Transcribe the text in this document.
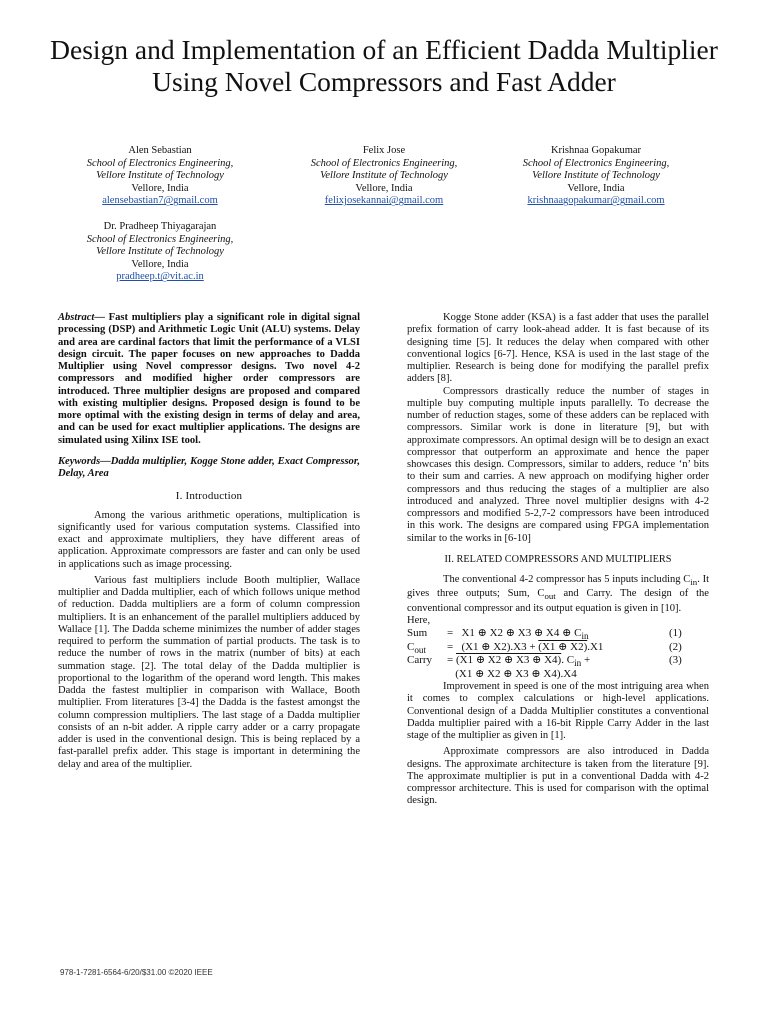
Design and Implementation of an Efficient Dadda Multiplier Using Novel Compressors and Fast Adder
Alen Sebastian
School of Electronics Engineering,
Vellore Institute of Technology
Vellore, India
alensebastian7@gmail.com
Felix Jose
School of Electronics Engineering,
Vellore Institute of Technology
Vellore, India
felixjosekannai@gmail.com
Krishnaa Gopakumar
School of Electronics Engineering,
Vellore Institute of Technology
Vellore, India
krishnaagopakumar@gmail.com
Dr. Pradheep Thiyagarajan
School of Electronics Engineering,
Vellore Institute of Technology
Vellore, India
pradheep.t@vit.ac.in

Abstract— Fast multipliers play a significant role in digital signal processing (DSP) and Arithmetic Logic Unit (ALU) systems. Delay and area are cardinal factors that limit the performance of a VLSI design circuit. The paper focuses on new approaches to Dadda Multiplier using Novel compressor designs. Two novel 4-2 compressors and modified higher order compressors are introduced. Three multiplier designs are proposed and compared with existing multiplier designs. Proposed design is found to be more optimal with the existing design in terms of delay and area, and can be used for exact multiplier applications. The designs are simulated using Xilinx ISE tool.

Keywords—Dadda multiplier, Kogge Stone adder, Exact Compressor, Delay, Area

I. Introduction

Among the various arithmetic operations, multiplication is significantly used for various computation systems. Classified into exact and approximate multipliers, they have different areas of application. Approximate compressors are faster and can only be used in applications such as image processing.

Various fast multipliers include Booth multiplier, Wallace multiplier and Dadda multiplier, each of which follows unique method of reduction. Dadda multipliers are a form of column compression multipliers. It is an enhancement of the parallel multipliers adduced by Wallace [1]. The Dadda scheme minimizes the number of adder stages required to perform the summation of partial products. The task is to reduce the number of rows in the matrix (number of bits) at each summation stage. [2]. The total delay of the Dadda multiplier is proportional to the logarithm of the operand word length. This makes Dadda the fastest multiplier in comparison with Wallace, Booth multiplier. From literatures [3-4] the Dadda is the fastest amongst the column compression multipliers. The last stage of a Dadda multiplier consists of an n-bit adder. A ripple carry adder or a carry propagate adder is used in the conventional design. This is being replaced by a fast-parallel prefix adder. This stage is important in determining the delay and area of the multiplier.

Kogge Stone adder (KSA) is a fast adder that uses the parallel prefix formation of carry look-ahead adder. It is fast because of its designing time [5]. It reduces the delay when compared with other conventional logics [6-7]. Hence, KSA is used in the last stage of the multiplier. Research is being done for modifying the parallel prefix adders [8].

Compressors drastically reduce the number of stages in multiple buy computing multiple inputs parallelly. To decrease the number of reduction stages, some of these adders can be replaced with compressors. Similar work is done in literature [9], but with approximate compressors. An optimal design will be to design an exact compressor that outperform an approximate and hence the paper showcases this design. Compressors, similar to adders, reduce ‘n’ bits to their sum and carries. A new approach on modifying higher order compressors and thus reducing the stages of a multiplier are also introduced and analyzed. Three novel multiplier designs with 4-2 compressors and modified 5-2,7-2 compressors have been introduced in this work. The designs are compared using FPGA implementation similar to the works in [6-10]

II. RELATED COMPRESSORS AND MULTIPLIERS

The conventional 4-2 compressor has 5 inputs including $C_{in}$. It gives three outputs; Sum, $C_{out}$ and Carry. The design of the conventional compressor and its output equation is given in [10].

Here,

Sum	=   X1 ⊕ X2 ⊕ X3 ⊕ X4 ⊕ $C_{in}$	(1)
$C_{out}$	=   (X1 ⊕ X2).X3 + (X1 ⊕ X2).X1	(2)
Carry	= (X1 ⊕ X2 ⊕ X3 ⊕ X4). $C_{in}$ +	(3)
(X1 ⊕ X2 ⊕ X3 ⊕ X4).X4

Improvement in speed is one of the most intriguing area when it comes to complex calculations or high-level applications. Conventional design of a Dadda Multiplier constitutes a conventional Dadda multiplier paired with a 16-bit Ripple Carry Adder in the last stage of the multiplier as given in [1].

Approximate compressors are also introduced in Dadda designs. The approximate architecture is taken from the literature [9]. The approximate multiplier is put in a conventional Dadda with 4-2 compressor architecture. This is used for comparison with the optimal design.

978-1-7281-6564-6/20/$31.00 ©2020 IEEE
